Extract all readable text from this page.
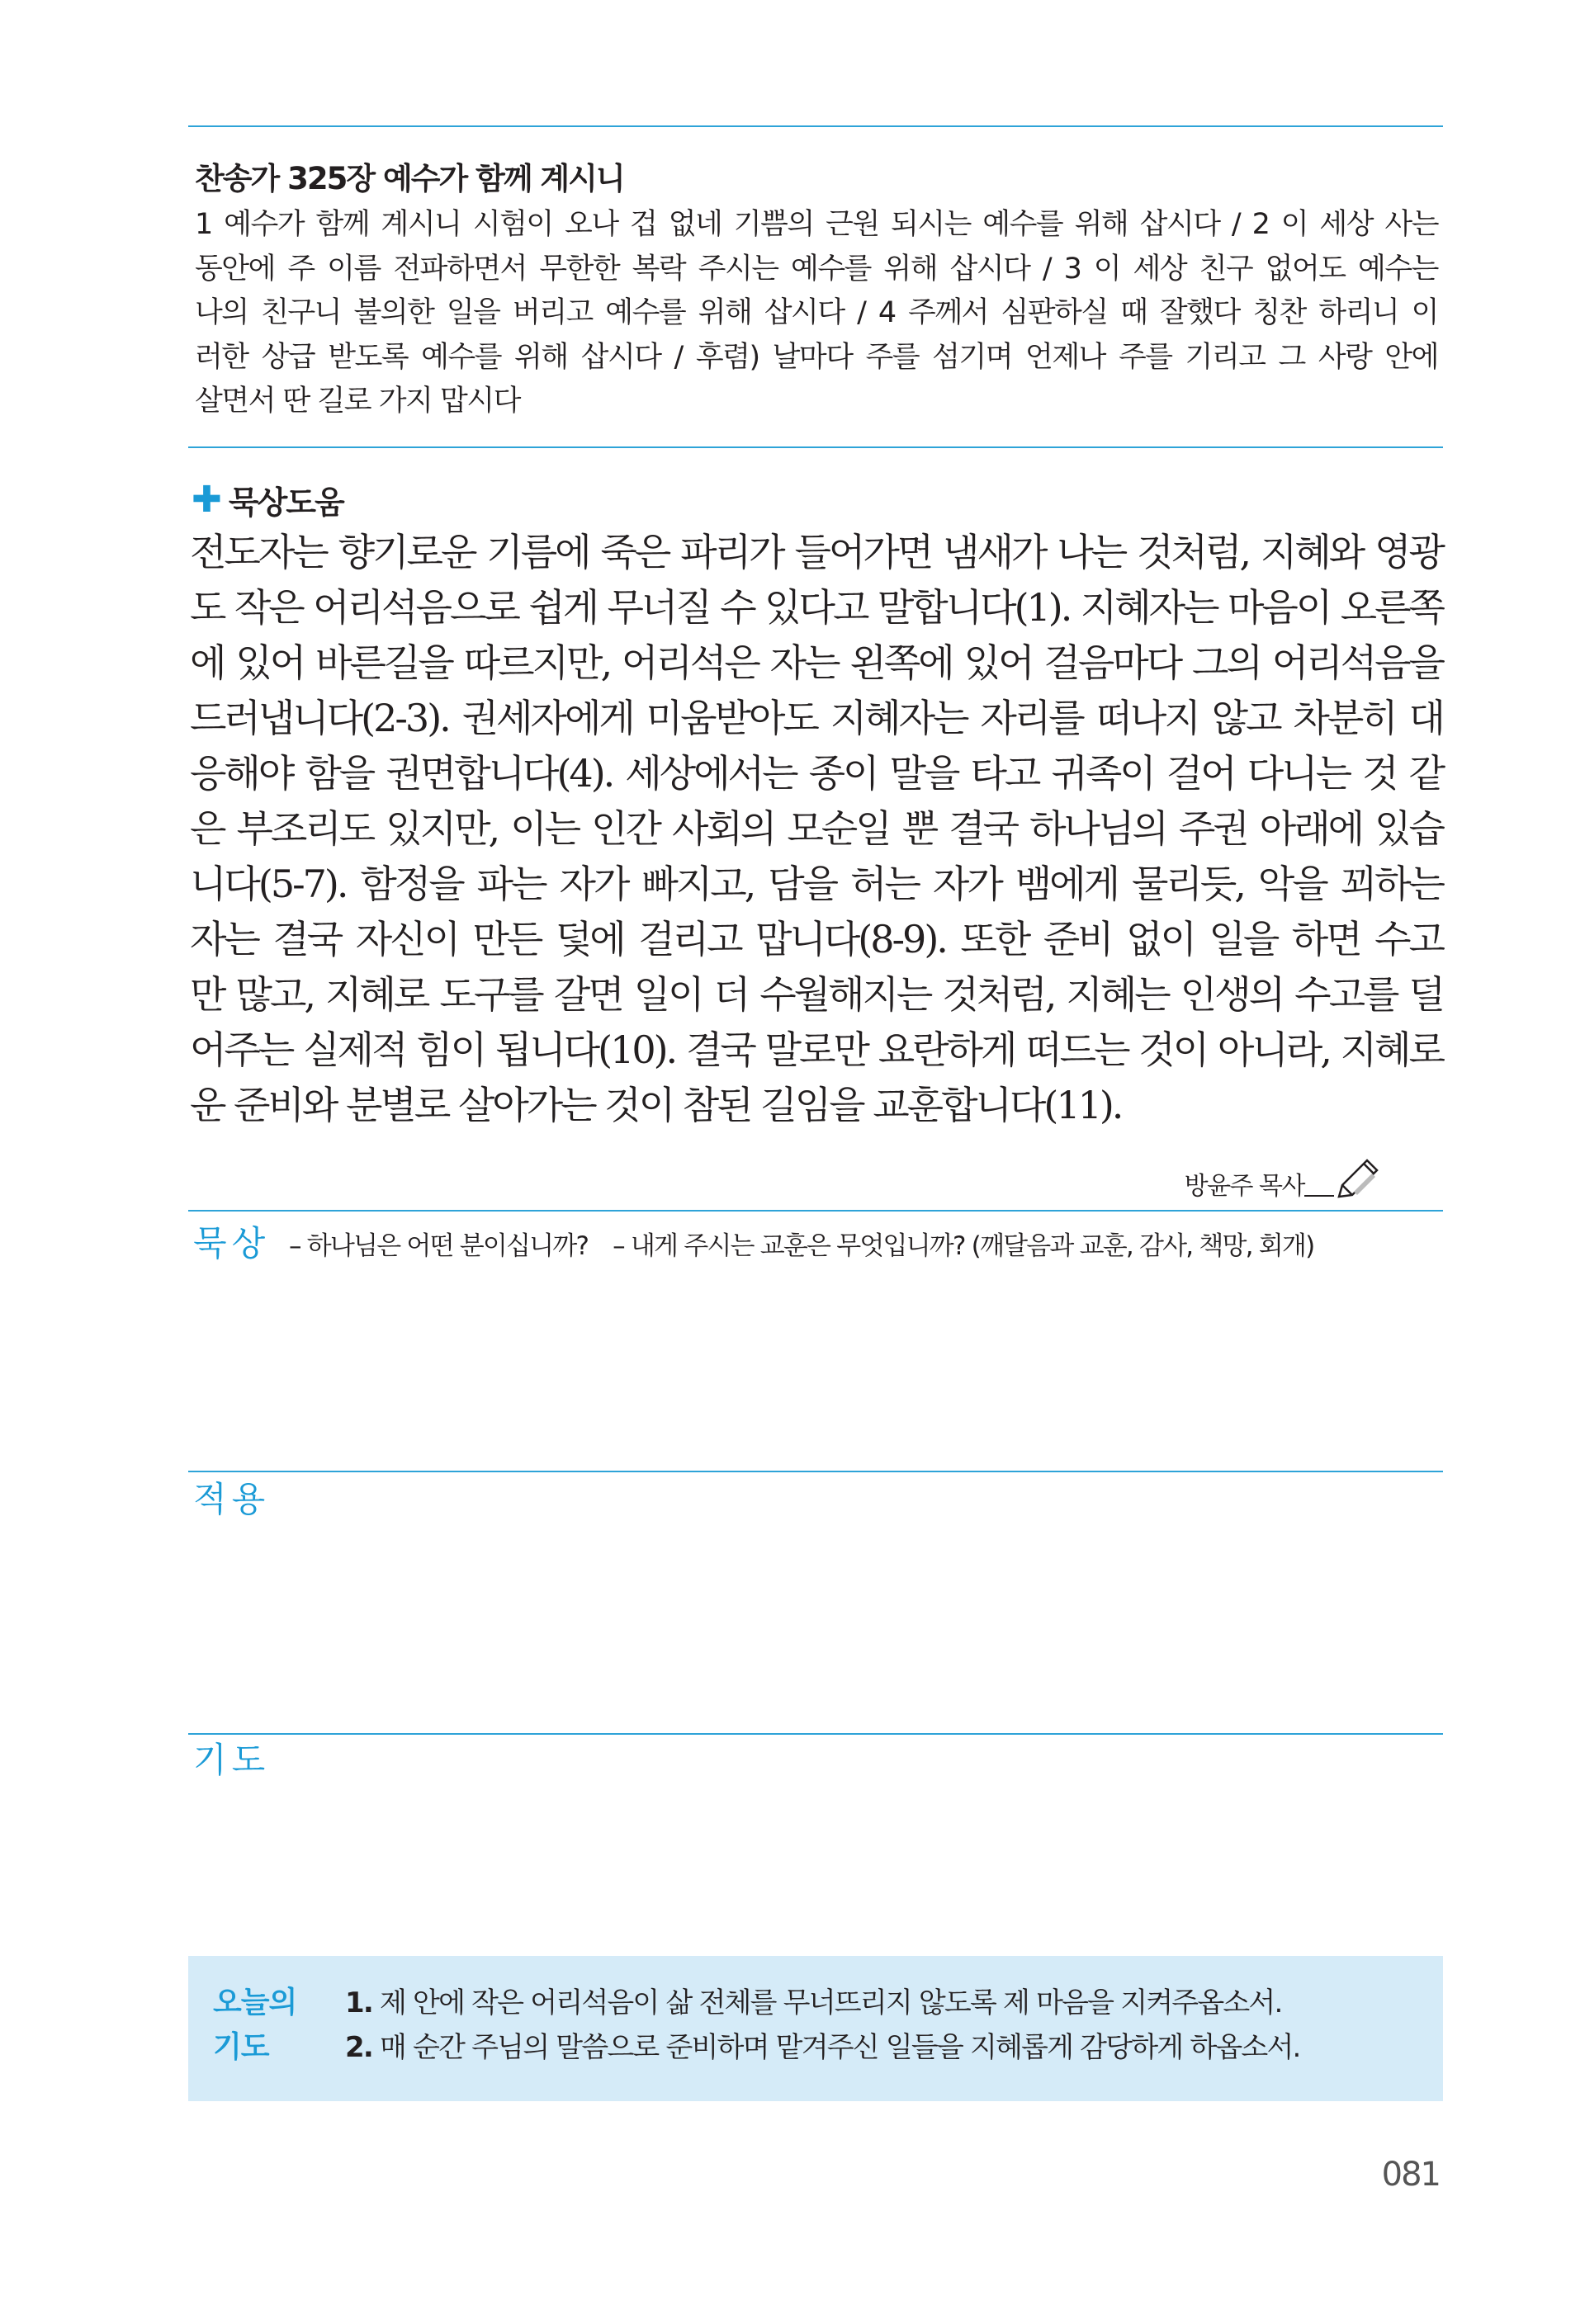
찬송가 325장 예수가 함께 계시니
1 예수가 함께 계시니 시험이 오나 겁 없네 기쁨의 근원 되시는 예수를 위해 삽시다 / 2 이 세상 사는
동안에 주 이름 전파하면서 무한한 복락 주시는 예수를 위해 삽시다 / 3 이 세상 친구 없어도 예수는
나의 친구니 불의한 일을 버리고 예수를 위해 삽시다 / 4 주께서 심판하실 때 잘했다 칭찬 하리니 이
러한 상급 받도록 예수를 위해 삽시다 / 후렴) 날마다 주를 섬기며 언제나 주를 기리고 그 사랑 안에
살면서 딴 길로 가지 맙시다
✚ 묵상도움
전도자는 향기로운 기름에 죽은 파리가 들어가면 냄새가 나는 것처럼, 지혜와 영광
도 작은 어리석음으로 쉽게 무너질 수 있다고 말합니다(1). 지혜자는 마음이 오른쪽
에 있어 바른길을 따르지만, 어리석은 자는 왼쪽에 있어 걸음마다 그의 어리석음을
드러냅니다(2-3). 권세자에게 미움받아도 지혜자는 자리를 떠나지 않고 차분히 대
응해야 함을 권면합니다(4). 세상에서는 종이 말을 타고 귀족이 걸어 다니는 것 같
은 부조리도 있지만, 이는 인간 사회의 모순일 뿐 결국 하나님의 주권 아래에 있습
니다(5-7). 함정을 파는 자가 빠지고, 담을 허는 자가 뱀에게 물리듯, 악을 꾀하는
자는 결국 자신이 만든 덫에 걸리고 맙니다(8-9). 또한 준비 없이 일을 하면 수고
만 많고, 지혜로 도구를 갈면 일이 더 수월해지는 것처럼, 지혜는 인생의 수고를 덜
어주는 실제적 힘이 됩니다(10). 결국 말로만 요란하게 떠드는 것이 아니라, 지혜로
운 준비와 분별로 살아가는 것이 참된 길임을 교훈합니다(11).
방윤주 목사
묵상 – 하나님은 어떤 분이십니까? – 내게 주시는 교훈은 무엇입니까? (깨달음과 교훈, 감사, 책망, 회개)
적용
기도
오늘의
기도
1. 제 안에 작은 어리석음이 삶 전체를 무너뜨리지 않도록 제 마음을 지켜주옵소서.
2. 매 순간 주님의 말씀으로 준비하며 맡겨주신 일들을 지혜롭게 감당하게 하옵소서.
081
